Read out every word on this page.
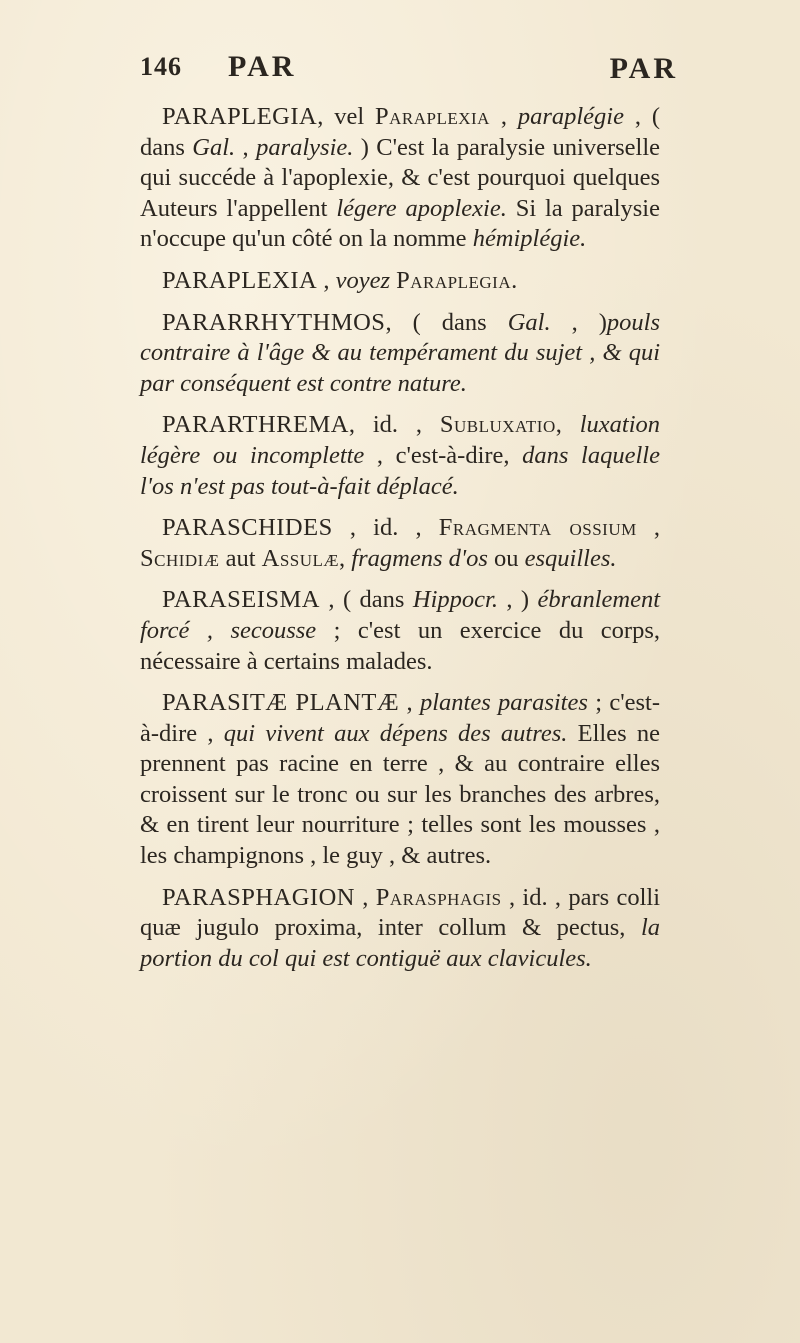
146 PAR	PAR

PARAPLEGIA, vel Paraplexia , paraplégie , ( dans Gal. , paralysie. ) C'est la paralysie universelle qui succéde à l'apoplexie, & c'est pourquoi quelques Auteurs l'appellent légere apoplexie. Si la paralysie n'occupe qu'un côté on la nomme hémiplégie.

PARAPLEXIA , voyez Paraplegia.

PARARRHYTHMOS, ( dans Gal. , )pouls contraire à l'âge & au tempérament du sujet , & qui par conséquent est contre nature.

PARARTHREMA, id. , Subluxatio, luxation légère ou incomplette , c'est-à-dire, dans laquelle l'os n'est pas tout-à-fait déplacé.

PARASCHIDES , id. , Fragmenta ossium , Schidiæ aut Assulæ, fragmens d'os ou esquilles.

PARASEISMA , ( dans Hippocr. , ) ébranlement forcé , secousse ; c'est un exercice du corps, nécessaire à certains malades.

PARASITÆ PLANTÆ , plantes parasites ; c'est-à-dire , qui vivent aux dépens des autres. Elles ne prennent pas racine en terre , & au contraire elles croissent sur le tronc ou sur les branches des arbres, & en tirent leur nourriture ; telles sont les mousses , les champignons , le guy , & autres.

PARASPHAGION , Parasphagis , id. , pars colli quæ jugulo proxima, inter collum & pectus, la portion du col qui est contiguë aux clavicules.
